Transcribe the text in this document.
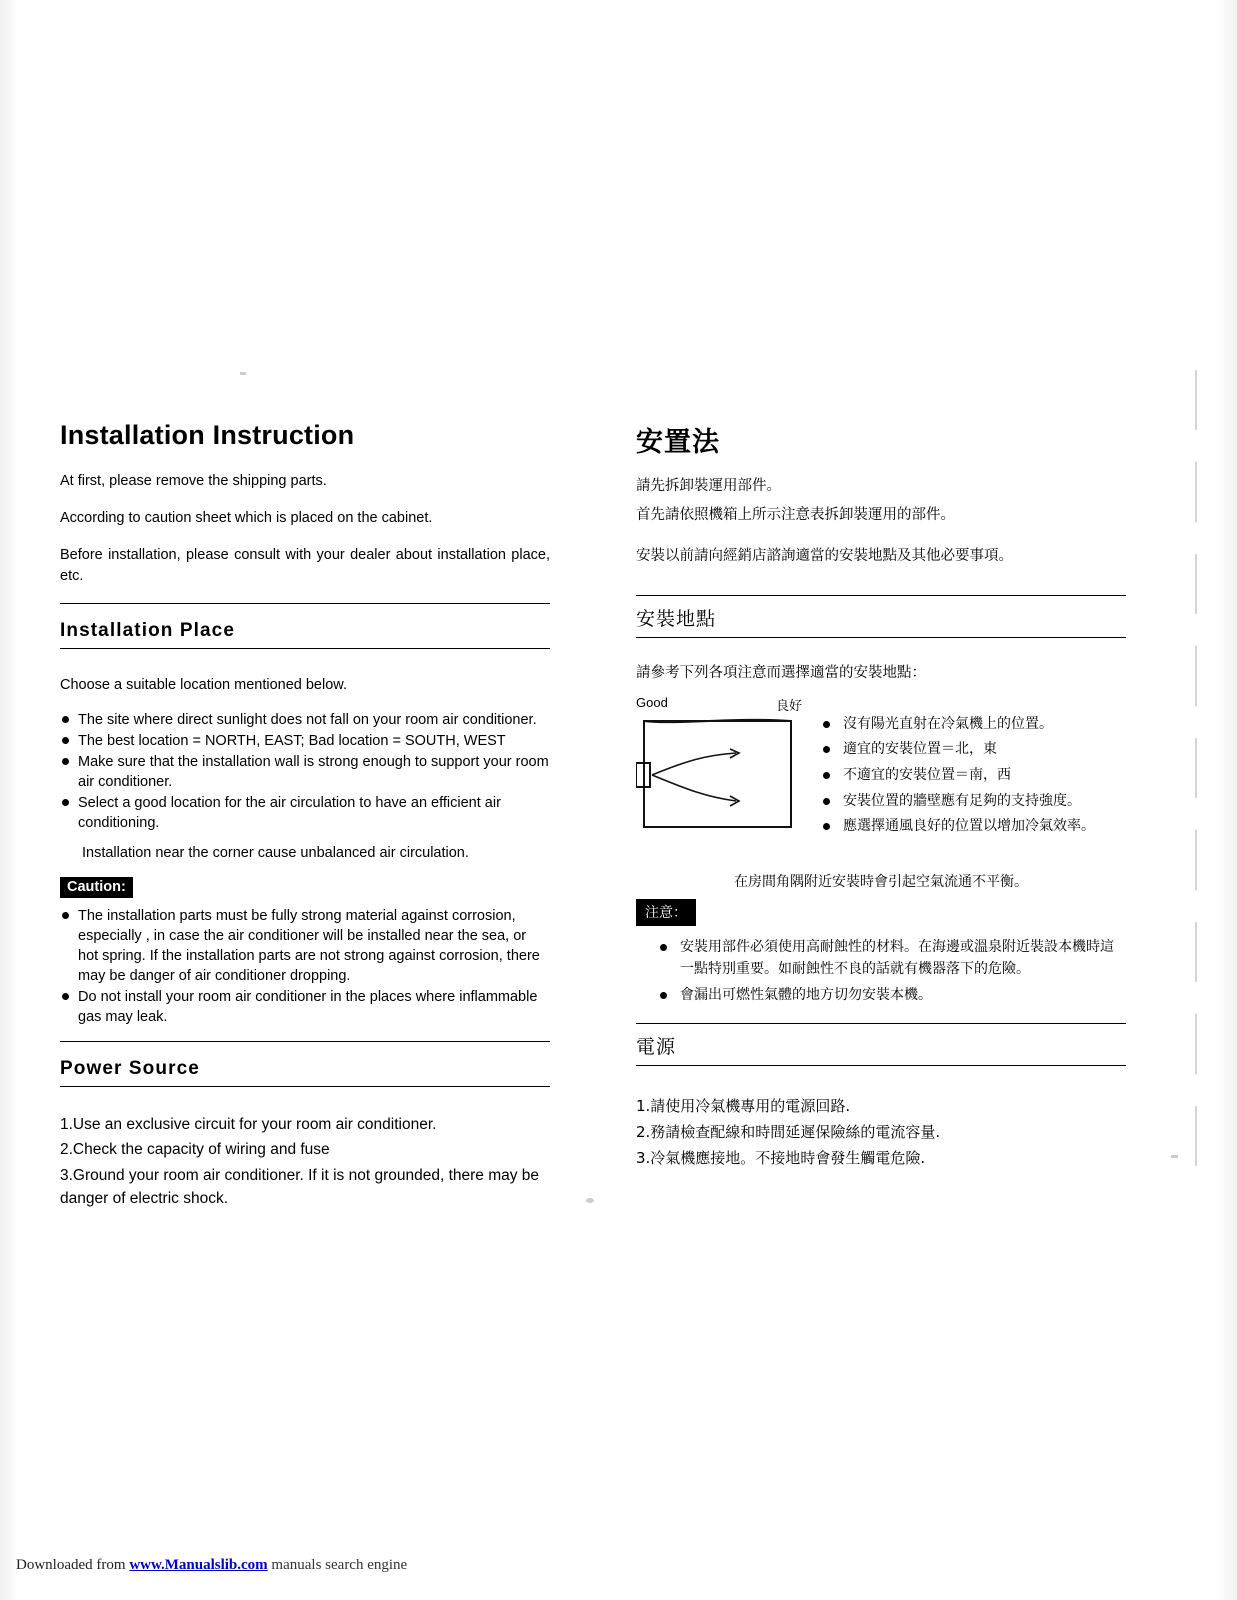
Installation Instruction

At first, please remove the shipping parts.

According to caution sheet which is placed on the cabinet.

Before installation, please consult with your dealer about installation place, etc.

Installation Place

Choose a suitable location mentioned below.

The site where direct sunlight does not fall on your room air conditioner.
The best location = NORTH, EAST; Bad location = SOUTH, WEST
Make sure that the installation wall is strong enough to support your room air conditioner.
Select a good location for the air circulation to have an efficient air conditioning.
Installation near the corner cause unbalanced air circulation.
Caution:
The installation parts must be fully strong material against corrosion, especially , in case the air conditioner will be installed near the sea, or hot spring. If the installation parts are not strong against corrosion, there may be danger of air conditioner dropping.
Do not install your room air conditioner in the places where inflammable gas may leak.
Power Source
1.Use an exclusive circuit for your room air conditioner.
2.Check the capacity of wiring and fuse
3.Ground your room air conditioner. If it is not grounded, there may be danger of electric shock.
安置法

請先拆卸裝運用部件。

首先請依照機箱上所示注意表拆卸裝運用的部件。

安裝以前請向經銷店諮詢適當的安裝地點及其他必要事項。

安裝地點

請參考下列各項注意而選擇適當的安裝地點：

Good	良好
沒有陽光直射在冷氣機上的位置。
適宜的安裝位置＝北，東
不適宜的安裝位置＝南，西
安裝位置的牆壁應有足夠的支持強度。
應選擇通風良好的位置以增加冷氣效率。
在房間角隅附近安裝時會引起空氣流通不平衡。
注意：
安裝用部件必須使用高耐蝕性的材料。在海邊或溫泉附近裝設本機時這一點特別重要。如耐蝕性不良的話就有機器落下的危險。
會漏出可燃性氣體的地方切勿安裝本機。
電源
1.請使用冷氣機專用的電源回路.
2.務請檢查配線和時間延遲保險絲的電流容量.
3.冷氣機應接地。不接地時會發生觸電危險.
Downloaded from www.Manualslib.com manuals search engine
